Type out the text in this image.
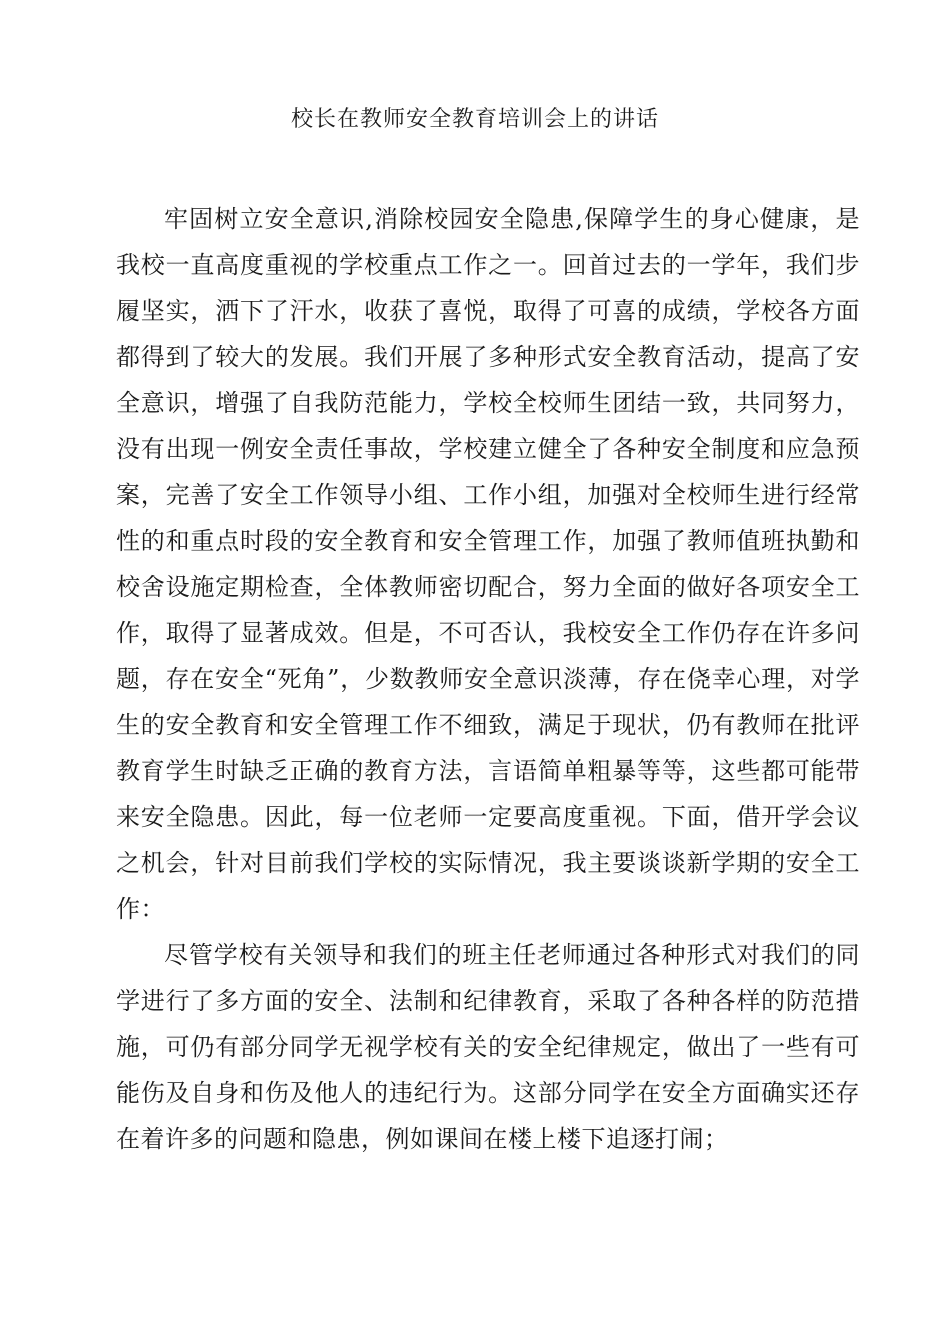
校长在教师安全教育培训会上的讲话

牢固树立安全意识,消除校园安全隐患,保障学生的身心健康，是我校一直高度重视的学校重点工作之一。回首过去的一学年，我们步履坚实，洒下了汗水，收获了喜悦，取得了可喜的成绩，学校各方面都得到了较大的发展。我们开展了多种形式安全教育活动，提高了安全意识，增强了自我防范能力，学校全校师生团结一致，共同努力，没有出现一例安全责任事故，学校建立健全了各种安全制度和应急预案，完善了安全工作领导小组、工作小组，加强对全校师生进行经常性的和重点时段的安全教育和安全管理工作，加强了教师值班执勤和校舍设施定期检查，全体教师密切配合，努力全面的做好各项安全工作，取得了显著成效。但是，不可否认，我校安全工作仍存在许多问题，存在安全“死角”，少数教师安全意识淡薄，存在侥幸心理，对学生的安全教育和安全管理工作不细致，满足于现状，仍有教师在批评教育学生时缺乏正确的教育方法，言语简单粗暴等等，这些都可能带来安全隐患。因此，每一位老师一定要高度重视。下面，借开学会议之机会，针对目前我们学校的实际情况，我主要谈谈新学期的安全工作：

尽管学校有关领导和我们的班主任老师通过各种形式对我们的同学进行了多方面的安全、法制和纪律教育，采取了各种各样的防范措施，可仍有部分同学无视学校有关的安全纪律规定，做出了一些有可能伤及自身和伤及他人的违纪行为。这部分同学在安全方面确实还存在着许多的问题和隐患，例如课间在楼上楼下追逐打闹；
